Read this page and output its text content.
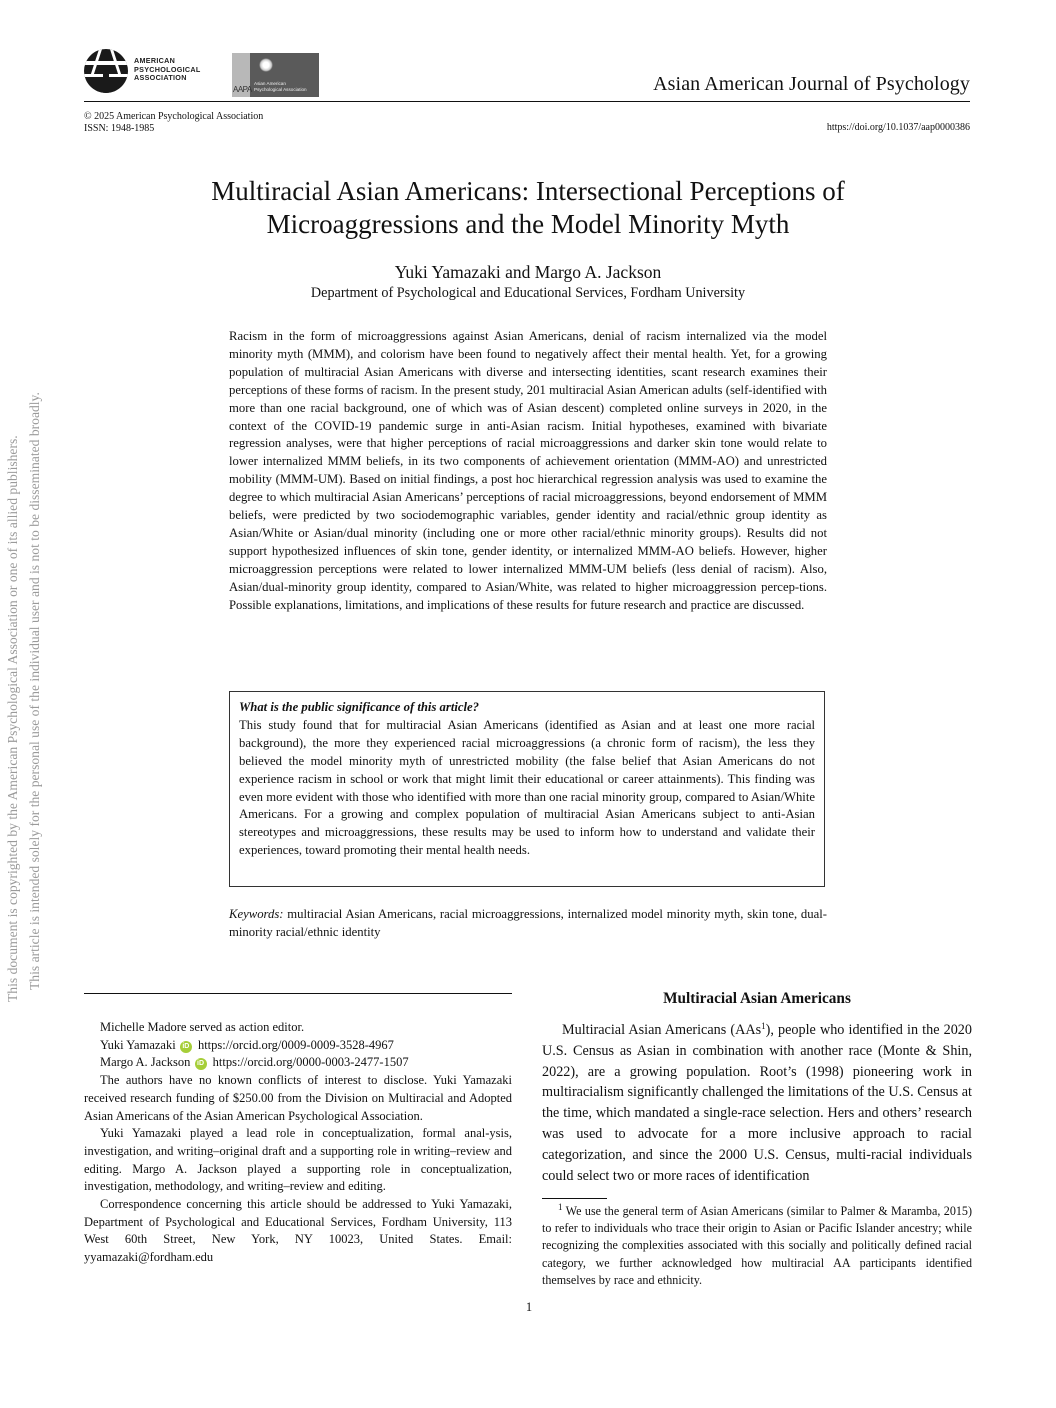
This document is copyrighted by the American Psychological Association or one of its allied publishers. This article is intended solely for the personal use of the individual user and is not to be disseminated broadly.
AMERICAN
PSYCHOLOGICAL
ASSOCIATION
AAPA
Asian American
Psychological Association	Asian American Journal of Psychology
© 2025 American Psychological Association
ISSN: 1948-1985	https://doi.org/10.1037/aap0000386
Multiracial Asian Americans: Intersectional Perceptions of
Microaggressions and the Model Minority Myth
Yuki Yamazaki and Margo A. Jackson
Department of Psychological and Educational Services, Fordham University
Racism in the form of microaggressions against Asian Americans, denial of racism internalized via the model minority myth (MMM), and colorism have been found to negatively affect their mental health. Yet, for a growing population of multiracial Asian Americans with diverse and intersecting identities, scant research examines their perceptions of these forms of racism. In the present study, 201 multiracial Asian American adults (self-identified with more than one racial background, one of which was of Asian descent) completed online surveys in 2020, in the context of the COVID-19 pandemic surge in anti-Asian racism. Initial hypotheses, examined with bivariate regression analyses, were that higher perceptions of racial microaggressions and darker skin tone would relate to lower internalized MMM beliefs, in its two components of achievement orientation (MMM-AO) and unrestricted mobility (MMM-UM). Based on initial findings, a post hoc hierarchical regression analysis was used to examine the degree to which multiracial Asian Americans’ perceptions of racial microaggressions, beyond endorsement of MMM beliefs, were predicted by two sociodemographic variables, gender identity and racial/ethnic group identity as Asian/White or Asian/dual minority (including one or more other racial/ethnic minority groups). Results did not support hypothesized influences of skin tone, gender identity, or internalized MMM-AO beliefs. However, higher microaggression perceptions were related to lower internalized MMM-UM beliefs (less denial of racism). Also, Asian/dual-minority group identity, compared to Asian/White, was related to higher microaggression percep-tions. Possible explanations, limitations, and implications of these results for future research and practice are discussed.
What is the public significance of this article?
This study found that for multiracial Asian Americans (identified as Asian and at least one more racial background), the more they experienced racial microaggressions (a chronic form of racism), the less they believed the model minority myth of unrestricted mobility (the false belief that Asian Americans do not experience racism in school or work that might limit their educational or career attainments). This finding was even more evident with those who identified with more than one racial minority group, compared to Asian/White Americans. For a growing and complex population of multiracial Asian Americans subject to anti-Asian stereotypes and microaggressions, these results may be used to inform how to understand and validate their experiences, toward promoting their mental health needs.
Keywords: multiracial Asian Americans, racial microaggressions, internalized model minority myth, skin tone, dual-minority racial/ethnic identity

Michelle Madore served as action editor.

Yuki Yamazaki iD https://orcid.org/0009-0009-3528-4967
Margo A. Jackson iD https://orcid.org/0000-0003-2477-1507

The authors have no known conflicts of interest to disclose. Yuki Yamazaki received research funding of $250.00 from the Division on Multiracial and Adopted Asian Americans of the Asian American Psychological Association.

Yuki Yamazaki played a lead role in conceptualization, formal anal-ysis, investigation, and writing–original draft and a supporting role in writing–review and editing. Margo A. Jackson played a supporting role in conceptualization, investigation, methodology, and writing–review and editing.

Correspondence concerning this article should be addressed to Yuki Yamazaki, Department of Psychological and Educational Services, Fordham University, 113 West 60th Street, New York, NY 10023, United States. Email: yyamazaki@fordham.edu

Multiracial Asian Americans
Multiracial Asian Americans (AAs$^1$), people who identified in the 2020 U.S. Census as Asian in combination with another race (Monte & Shin, 2022), are a growing population. Root’s (1998) pioneering work in multiracialism significantly challenged the limitations of the U.S. Census at the time, which mandated a single-race selection. Hers and others’ research was used to advocate for a more inclusive approach to racial categorization, and since the 2000 U.S. Census, multi-racial individuals could select two or more races of identification
$^1$ We use the general term of Asian Americans (similar to Palmer & Maramba, 2015) to refer to individuals who trace their origin to Asian or Pacific Islander ancestry; while recognizing the complexities associated with this socially and politically defined racial category, we further acknowledged how multiracial AA participants identified themselves by race and ethnicity.
1
